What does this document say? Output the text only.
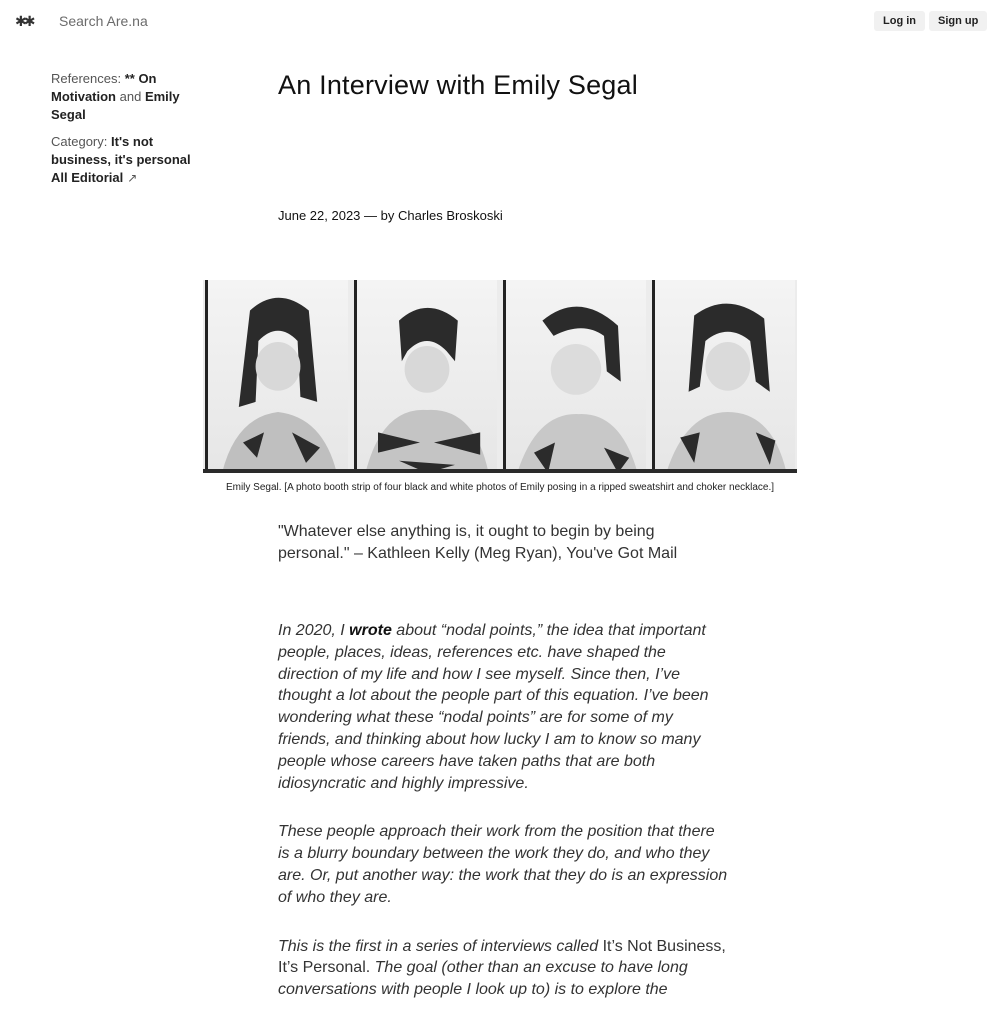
✱✱
Search Are.na	Log in	Sign up
References: ** On Motivation and Emily Segal
Category: It's not business, it's personal
All Editorial ↗
An Interview with Emily Segal
June 22, 2023 — by Charles Broskoski
Emily Segal. [A photo booth strip of four black and white photos of Emily posing in a ripped sweatshirt and choker necklace.]
"Whatever else anything is, it ought to begin by being personal." – Kathleen Kelly (Meg Ryan), You've Got Mail

In 2020, I wrote about “nodal points,” the idea that important people, places, ideas, references etc. have shaped the direction of my life and how I see myself. Since then, I’ve thought a lot about the people part of this equation. I’ve been wondering what these “nodal points” are for some of my friends, and thinking about how lucky I am to know so many people whose careers have taken paths that are both idiosyncratic and highly impressive.

These people approach their work from the position that there is a blurry boundary between the work they do, and who they are. Or, put another way: the work that they do is an expression of who they are.

This is the first in a series of interviews called It’s Not Business, It’s Personal. The goal (other than an excuse to have long conversations with people I look up to) is to explore the
